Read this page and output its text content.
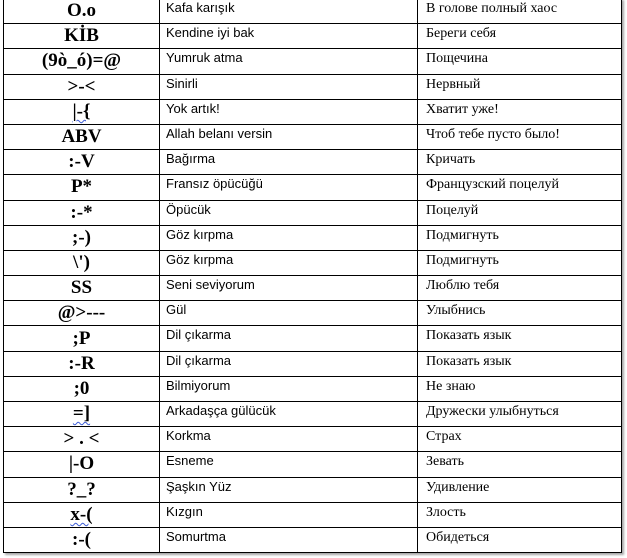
O.o	Kafa karışık	В голове полный хаос
KİB	Kendine iyi bak	Береги себя
(9ò_ó)=@	Yumruk atma	Пощечина
>-<	Sinirli	Нервный
|-{	Yok artık!	Хватит уже!
ABV	Allah belanı versin	Чтоб тебе пусто было!
:-V	Bağırma	Кричать
P*	Fransız öpücüğü	Французский поцелуй
:-*	Öpücük	Поцелуй
;-)	Göz kırpma	Подмигнуть
\')	Göz kırpma	Подмигнуть
SS	Seni seviyorum	Люблю тебя
@>---	Gül	Улыбнись
;P	Dil çıkarma	Показать язык
:-R	Dil çıkarma	Показать язык
;0	Bilmiyorum	Не знаю
=]	Arkadaşça gülücük	Дружески улыбнуться
> . <	Korkma	Страх
|-O	Esneme	Зевать
?_?	Şaşkın Yüz	Удивление
x-(	Kızgın	Злость
:-(	Somurtma	Обидеться
